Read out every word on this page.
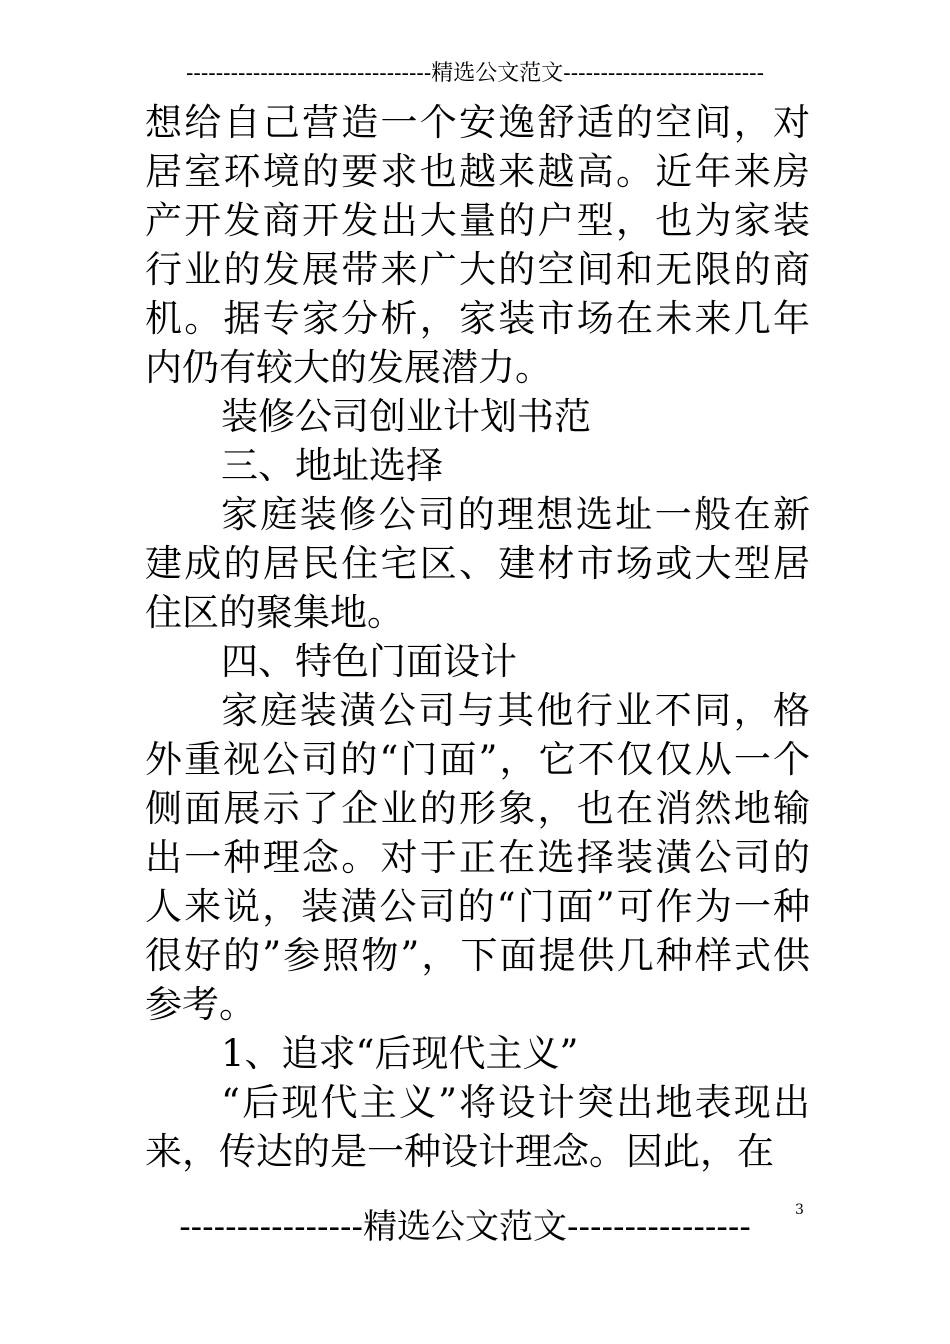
---------------------------------精选公文范文---------------------------

想给自己营造一个安逸舒适的空间，对居室环境的要求也越来越高。近年来房产开发商开发出大量的户型，也为家装行业的发展带来广大的空间和无限的商机。据专家分析，家装市场在未来几年内仍有较大的发展潜力。

装修公司创业计划书范

三、地址选择

家庭装修公司的理想选址一般在新建成的居民住宅区、建材市场或大型居住区的聚集地。

四、特色门面设计

家庭装潢公司与其他行业不同，格外重视公司的“门面”，它不仅仅从一个侧面展示了企业的形象，也在消然地输出一种理念。对于正在选择装潢公司的人来说，装潢公司的“门面”可作为一种很好的”参照物”，下面提供几种样式供参考。

1、追求“后现代主义”

“后现代主义”将设计突出地表现出来，传达的是一种设计理念。因此，在

3
----------------精选公文范文----------------
